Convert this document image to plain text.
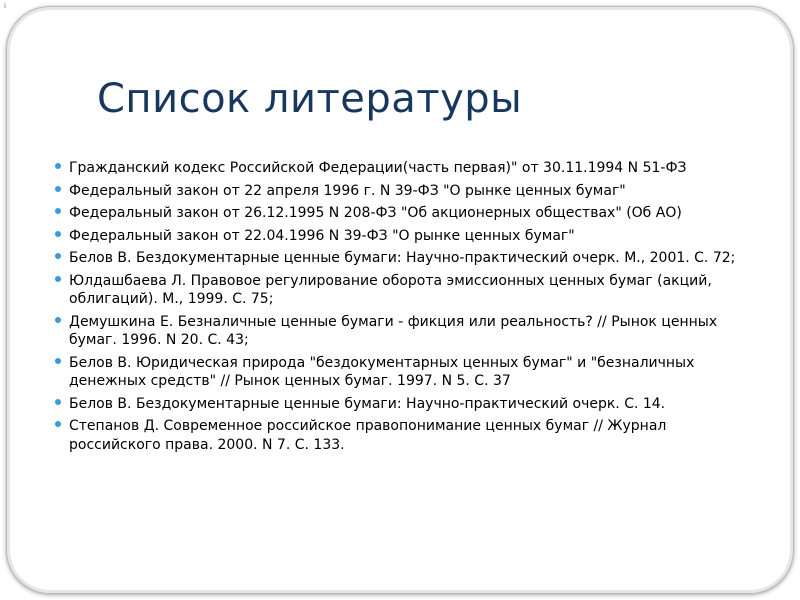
i
Список литературы
Гражданский кодекс Российской Федерации(часть первая)" от 30.11.1994 N 51-ФЗ
Федеральный закон от 22 апреля 1996 г. N 39-ФЗ "О рынке ценных бумаг"
Федеральный закон от 26.12.1995 N 208-ФЗ "Об акционерных обществах" (Об АО)
Федеральный закон от 22.04.1996 N 39-ФЗ "О рынке ценных бумаг"
Белов В. Бездокументарные ценные бумаги: Научно-практический очерк. М., 2001. С. 72;
Юлдашбаева Л. Правовое регулирование оборота эмиссионных ценных бумаг (акций, облигаций). М., 1999. С. 75;
Демушкина Е. Безналичные ценные бумаги - фикция или реальность? // Рынок ценных бумаг. 1996. N 20. С. 43;
Белов В. Юридическая природа "бездокументарных ценных бумаг" и "безналичных денежных средств" // Рынок ценных бумаг. 1997. N 5. С. 37
Белов В. Бездокументарные ценные бумаги: Научно-практический очерк. С. 14.
Степанов Д. Современное российское правопонимание ценных бумаг // Журнал российского права. 2000. N 7. С. 133.
